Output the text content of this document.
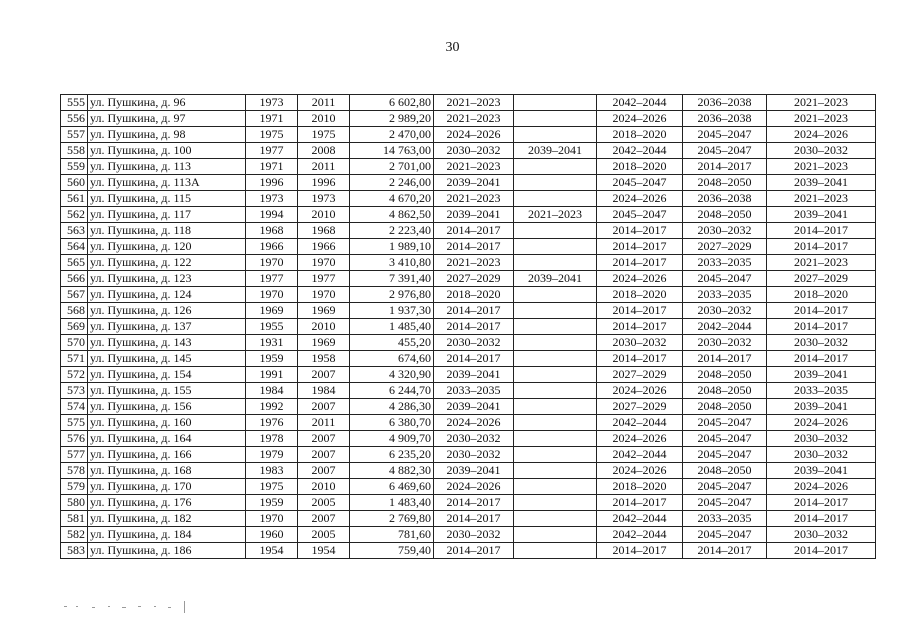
30
555	ул. Пушкина, д. 96	1973	2011	6 602,80	2021–2023		2042–2044	2036–2038	2021–2023
556	ул. Пушкина, д. 97	1971	2010	2 989,20	2021–2023		2024–2026	2036–2038	2021–2023
557	ул. Пушкина, д. 98	1975	1975	2 470,00	2024–2026		2018–2020	2045–2047	2024–2026
558	ул. Пушкина, д. 100	1977	2008	14 763,00	2030–2032	2039–2041	2042–2044	2045–2047	2030–2032
559	ул. Пушкина, д. 113	1971	2011	2 701,00	2021–2023		2018–2020	2014–2017	2021–2023
560	ул. Пушкина, д. 113А	1996	1996	2 246,00	2039–2041		2045–2047	2048–2050	2039–2041
561	ул. Пушкина, д. 115	1973	1973	4 670,20	2021–2023		2024–2026	2036–2038	2021–2023
562	ул. Пушкина, д. 117	1994	2010	4 862,50	2039–2041	2021–2023	2045–2047	2048–2050	2039–2041
563	ул. Пушкина, д. 118	1968	1968	2 223,40	2014–2017		2014–2017	2030–2032	2014–2017
564	ул. Пушкина, д. 120	1966	1966	1 989,10	2014–2017		2014–2017	2027–2029	2014–2017
565	ул. Пушкина, д. 122	1970	1970	3 410,80	2021–2023		2014–2017	2033–2035	2021–2023
566	ул. Пушкина, д. 123	1977	1977	7 391,40	2027–2029	2039–2041	2024–2026	2045–2047	2027–2029
567	ул. Пушкина, д. 124	1970	1970	2 976,80	2018–2020		2018–2020	2033–2035	2018–2020
568	ул. Пушкина, д. 126	1969	1969	1 937,30	2014–2017		2014–2017	2030–2032	2014–2017
569	ул. Пушкина, д. 137	1955	2010	1 485,40	2014–2017		2014–2017	2042–2044	2014–2017
570	ул. Пушкина, д. 143	1931	1969	455,20	2030–2032		2030–2032	2030–2032	2030–2032
571	ул. Пушкина, д. 145	1959	1958	674,60	2014–2017		2014–2017	2014–2017	2014–2017
572	ул. Пушкина, д. 154	1991	2007	4 320,90	2039–2041		2027–2029	2048–2050	2039–2041
573	ул. Пушкина, д. 155	1984	1984	6 244,70	2033–2035		2024–2026	2048–2050	2033–2035
574	ул. Пушкина, д. 156	1992	2007	4 286,30	2039–2041		2027–2029	2048–2050	2039–2041
575	ул. Пушкина, д. 160	1976	2011	6 380,70	2024–2026		2042–2044	2045–2047	2024–2026
576	ул. Пушкина, д. 164	1978	2007	4 909,70	2030–2032		2024–2026	2045–2047	2030–2032
577	ул. Пушкина, д. 166	1979	2007	6 235,20	2030–2032		2042–2044	2045–2047	2030–2032
578	ул. Пушкина, д. 168	1983	2007	4 882,30	2039–2041		2024–2026	2048–2050	2039–2041
579	ул. Пушкина, д. 170	1975	2010	6 469,60	2024–2026		2018–2020	2045–2047	2024–2026
580	ул. Пушкина, д. 176	1959	2005	1 483,40	2014–2017		2014–2017	2045–2047	2014–2017
581	ул. Пушкина, д. 182	1970	2007	2 769,80	2014–2017		2042–2044	2033–2035	2014–2017
582	ул. Пушкина, д. 184	1960	2005	781,60	2030–2032		2042–2044	2045–2047	2030–2032
583	ул. Пушкина, д. 186	1954	1954	759,40	2014–2017		2014–2017	2014–2017	2014–2017
